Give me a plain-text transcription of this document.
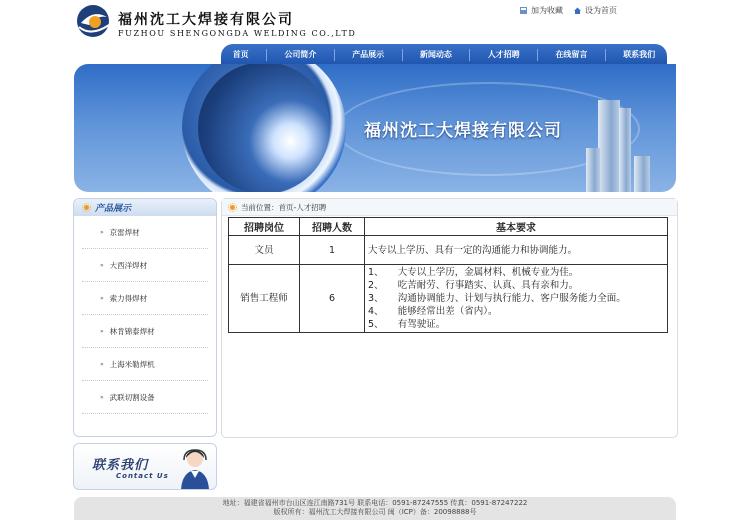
福州沈工大焊接有限公司
FUZHOU SHENGONGDA WELDING CO.,LTD
加为收藏	设为首页
首页	公司简介	产品展示	新闻动态	人才招聘	在线留言	联系我们
福州沈工大焊接有限公司
产品展示
» 京雷焊材
» 大西洋焊材
» 索力得焊材
» 林肯锦泰焊材
» 上海米勒焊机
» 武联切割设备
联系我们
Contact Us
当前位置：首页-人才招聘
招聘岗位	招聘人数	基本要求
文员	1	大专以上学历、具有一定的沟通能力和协调能力。

销售工程师	6	1、　　大专以上学历，金属材料、机械专业为佳。
2、　　吃苦耐劳、行事踏实、认真、具有亲和力。
3、　　沟通协调能力、计划与执行能力、客户服务能力全面。
4、　　能够经常出差（省内）。
5、　　有驾驶证。
地址：福建省福州市台山区连江南路731号 联系电话：0591-87247555 传真：0591-87247222
版权所有：福州沈工大焊接有限公司 闽（ICP）备：20098888号
